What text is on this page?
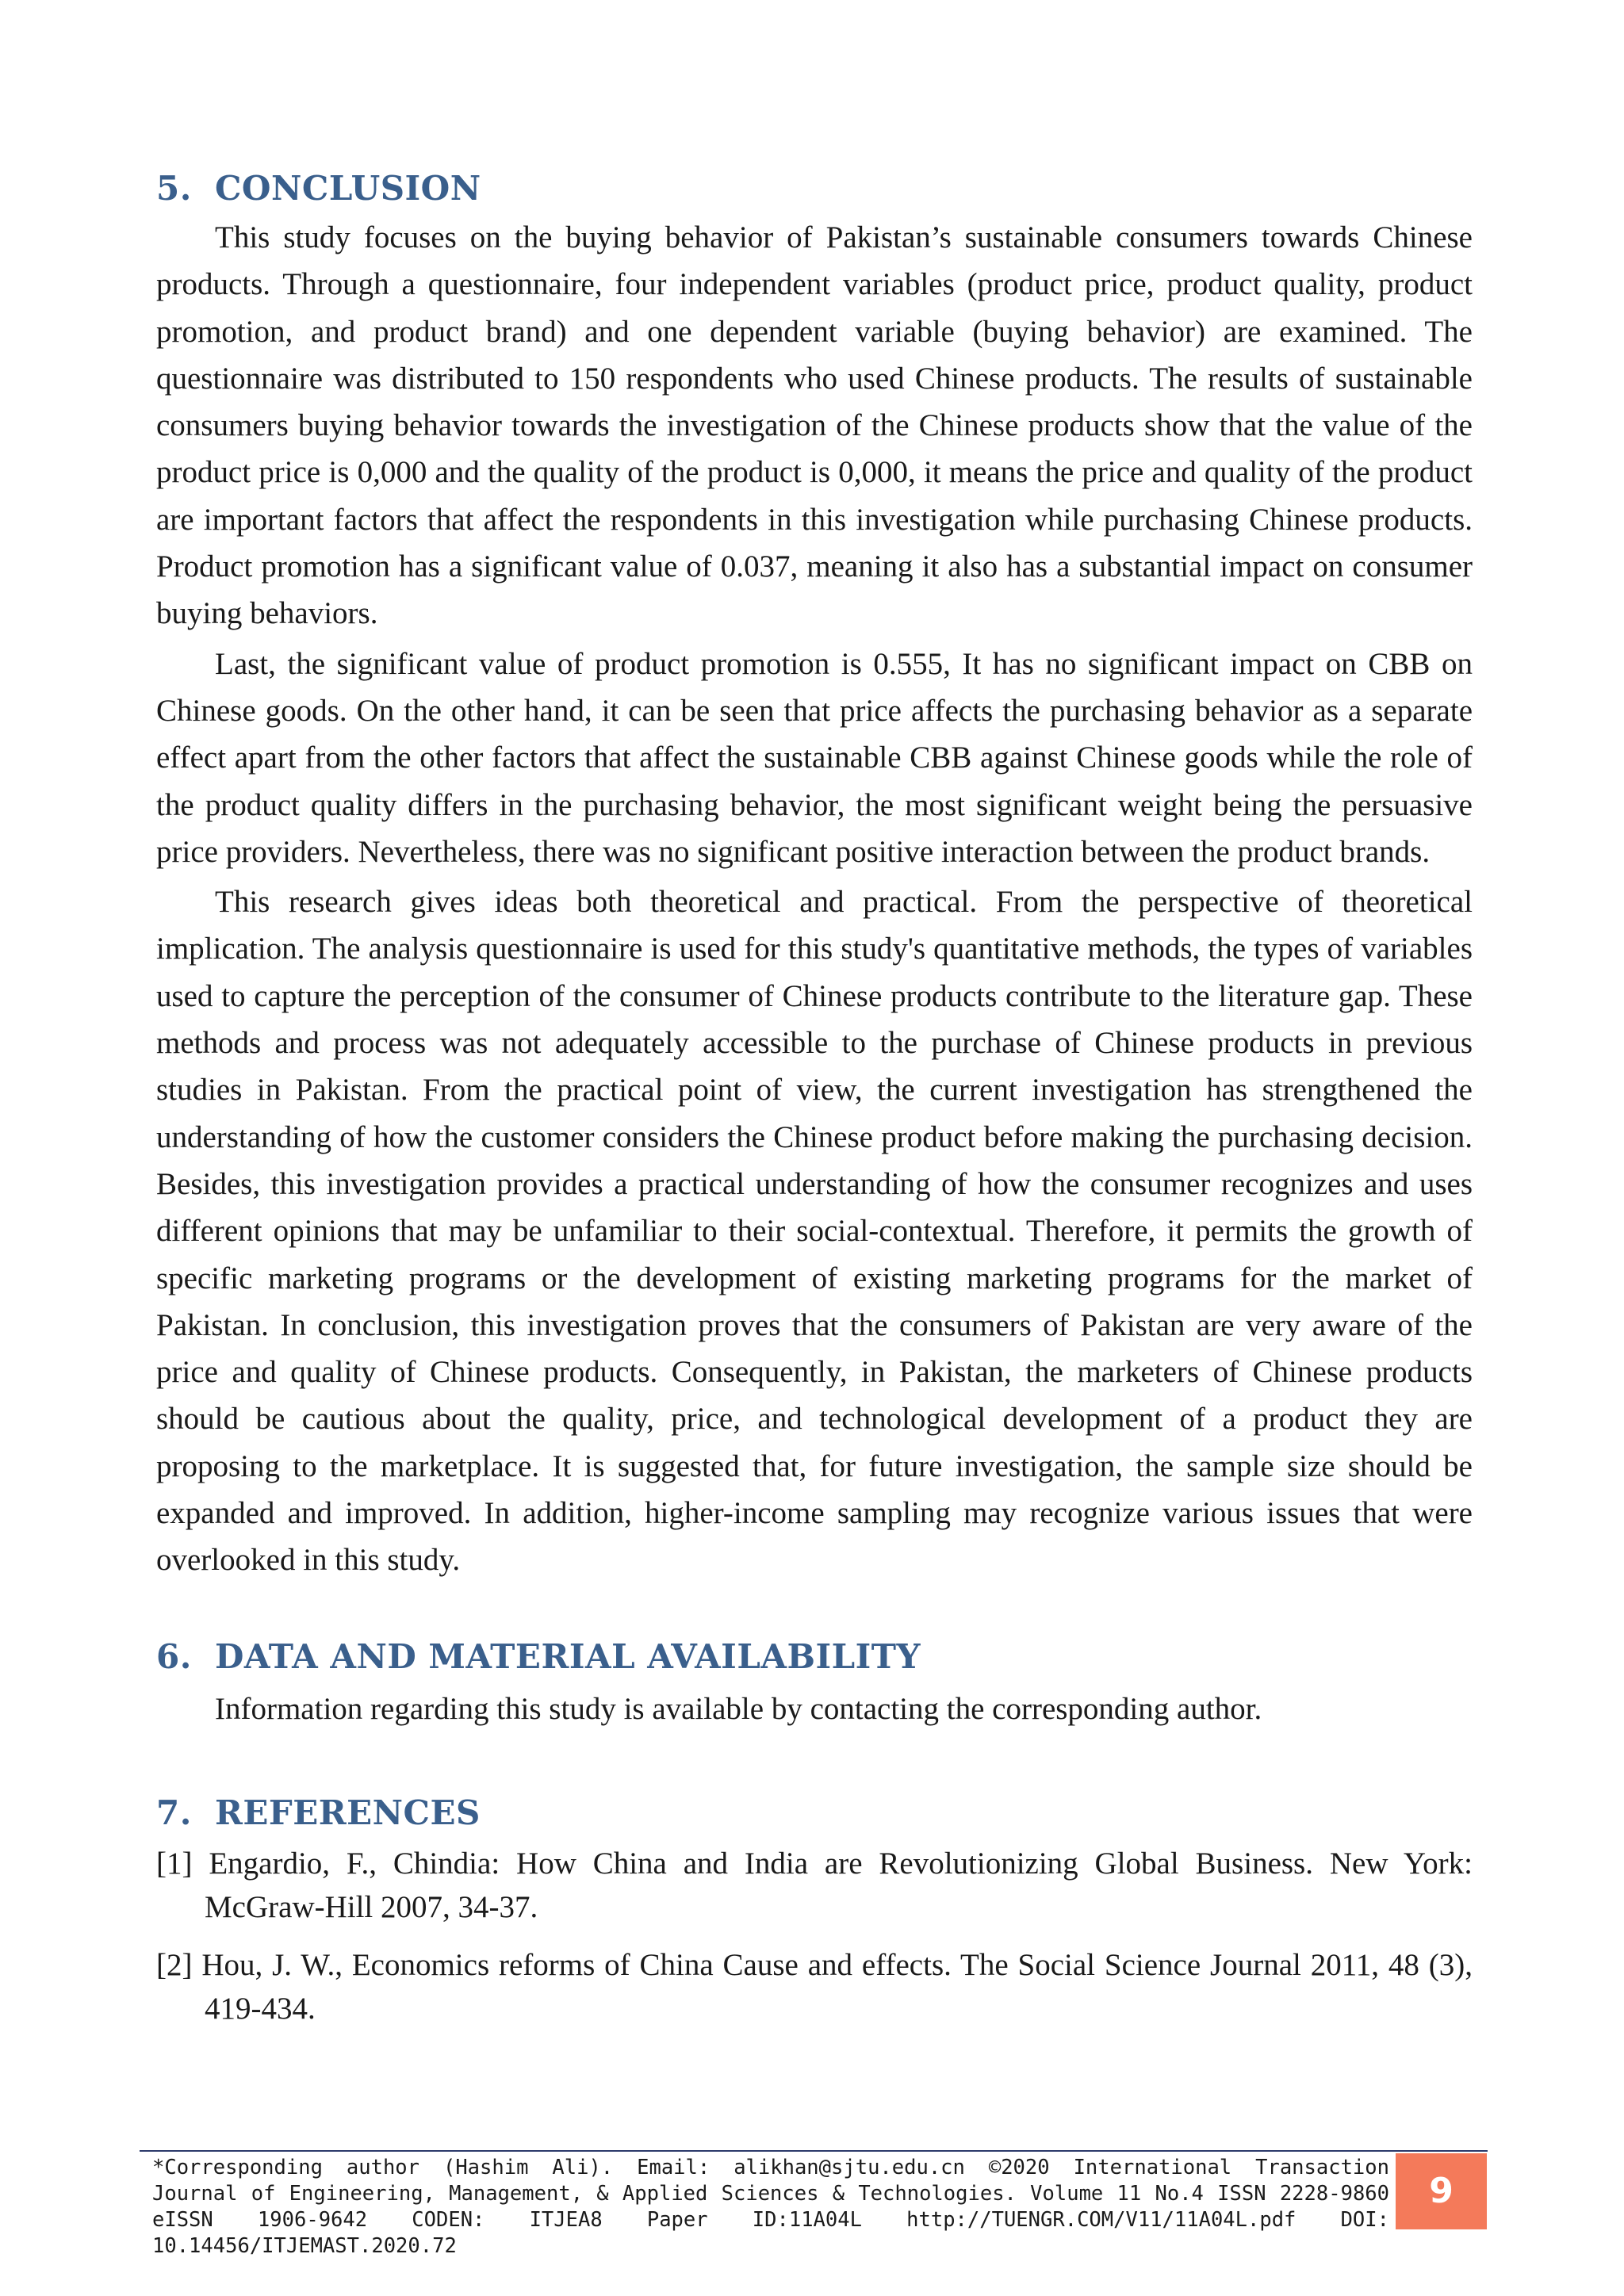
5. CONCLUSION

This study focuses on the buying behavior of Pakistan’s sustainable consumers towards Chinese products. Through a questionnaire, four independent variables (product price, product quality, product promotion, and product brand) and one dependent variable (buying behavior) are examined. The questionnaire was distributed to 150 respondents who used Chinese products. The results of sustainable consumers buying behavior towards the investigation of the Chinese products show that the value of the product price is 0,000 and the quality of the product is 0,000, it means the price and quality of the product are important factors that affect the respondents in this investigation while purchasing Chinese products. Product promotion has a significant value of 0.037, meaning it also has a substantial impact on consumer buying behaviors.

Last, the significant value of product promotion is 0.555, It has no significant impact on CBB on Chinese goods. On the other hand, it can be seen that price affects the purchasing behavior as a separate effect apart from the other factors that affect the sustainable CBB against Chinese goods while the role of the product quality differs in the purchasing behavior, the most significant weight being the persuasive price providers. Nevertheless, there was no significant positive interaction between the product brands.

This research gives ideas both theoretical and practical. From the perspective of theoretical implication. The analysis questionnaire is used for this study's quantitative methods, the types of variables used to capture the perception of the consumer of Chinese products contribute to the literature gap. These methods and process was not adequately accessible to the purchase of Chinese products in previous studies in Pakistan. From the practical point of view, the current investigation has strengthened the understanding of how the customer considers the Chinese product before making the purchasing decision. Besides, this investigation provides a practical understanding of how the consumer recognizes and uses different opinions that may be unfamiliar to their social-contextual. Therefore, it permits the growth of specific marketing programs or the development of existing marketing programs for the market of Pakistan. In conclusion, this investigation proves that the consumers of Pakistan are very aware of the price and quality of Chinese products. Consequently, in Pakistan, the marketers of Chinese products should be cautious about the quality, price, and technological development of a product they are proposing to the marketplace. It is suggested that, for future investigation, the sample size should be expanded and improved. In addition, higher-income sampling may recognize various issues that were overlooked in this study.

6. DATA AND MATERIAL AVAILABILITY

Information regarding this study is available by contacting the corresponding author.

7. REFERENCES
[1] Engardio, F., Chindia: How China and India are Revolutionizing Global Business. New York: McGraw-Hill 2007, 34-37.
[2] Hou, J. W., Economics reforms of China Cause and effects. The Social Science Journal 2011, 48 (3), 419-434.

*Corresponding author (Hashim Ali). Email: alikhan@sjtu.edu.cn ©2020 International Transaction Journal of Engineering, Management, & Applied Sciences & Technologies. Volume 11 No.4 ISSN 2228-9860 eISSN 1906-9642 CODEN: ITJEA8 Paper ID:11A04L http://TUENGR.COM/V11/11A04L.pdf DOI: 10.14456/ITJEMAST.2020.72

9
